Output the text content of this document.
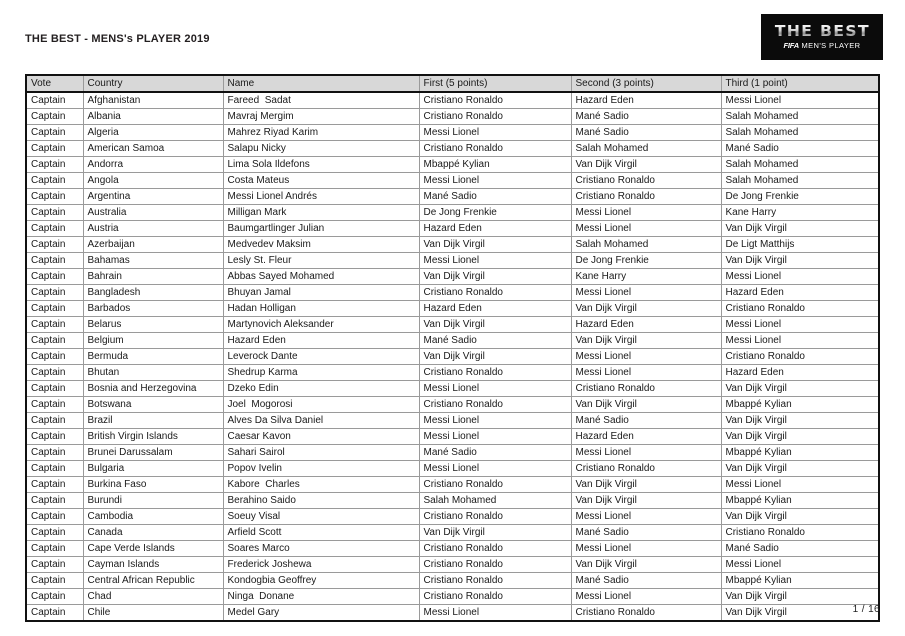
THE BEST - MENS's PLAYER 2019	THE BEST
FIFA MEN'S PLAYER
Vote	Country	Name	First (5 points)	Second (3 points)	Third (1 point)
Captain	Afghanistan	Fareed  Sadat	Cristiano Ronaldo	Hazard Eden	Messi Lionel
Captain	Albania	Mavraj Mergim	Cristiano Ronaldo	Mané Sadio	Salah Mohamed
Captain	Algeria	Mahrez Riyad Karim	Messi Lionel	Mané Sadio	Salah Mohamed
Captain	American Samoa	Salapu Nicky	Cristiano Ronaldo	Salah Mohamed	Mané Sadio
Captain	Andorra	Lima Sola Ildefons	Mbappé Kylian	Van Dijk Virgil	Salah Mohamed
Captain	Angola	Costa Mateus	Messi Lionel	Cristiano Ronaldo	Salah Mohamed
Captain	Argentina	Messi Lionel Andrés	Mané Sadio	Cristiano Ronaldo	De Jong Frenkie
Captain	Australia	Milligan Mark	De Jong Frenkie	Messi Lionel	Kane Harry
Captain	Austria	Baumgartlinger Julian	Hazard Eden	Messi Lionel	Van Dijk Virgil
Captain	Azerbaijan	Medvedev Maksim	Van Dijk Virgil	Salah Mohamed	De Ligt Matthijs
Captain	Bahamas	Lesly St. Fleur	Messi Lionel	De Jong Frenkie	Van Dijk Virgil
Captain	Bahrain	Abbas Sayed Mohamed	Van Dijk Virgil	Kane Harry	Messi Lionel
Captain	Bangladesh	Bhuyan Jamal	Cristiano Ronaldo	Messi Lionel	Hazard Eden
Captain	Barbados	Hadan Holligan	Hazard Eden	Van Dijk Virgil	Cristiano Ronaldo
Captain	Belarus	Martynovich Aleksander	Van Dijk Virgil	Hazard Eden	Messi Lionel
Captain	Belgium	Hazard Eden	Mané Sadio	Van Dijk Virgil	Messi Lionel
Captain	Bermuda	Leverock Dante	Van Dijk Virgil	Messi Lionel	Cristiano Ronaldo
Captain	Bhutan	Shedrup Karma	Cristiano Ronaldo	Messi Lionel	Hazard Eden
Captain	Bosnia and Herzegovina	Dzeko Edin	Messi Lionel	Cristiano Ronaldo	Van Dijk Virgil
Captain	Botswana	Joel  Mogorosi	Cristiano Ronaldo	Van Dijk Virgil	Mbappé Kylian
Captain	Brazil	Alves Da Silva Daniel	Messi Lionel	Mané Sadio	Van Dijk Virgil
Captain	British Virgin Islands	Caesar Kavon	Messi Lionel	Hazard Eden	Van Dijk Virgil
Captain	Brunei Darussalam	Sahari Sairol	Mané Sadio	Messi Lionel	Mbappé Kylian
Captain	Bulgaria	Popov Ivelin	Messi Lionel	Cristiano Ronaldo	Van Dijk Virgil
Captain	Burkina Faso	Kabore  Charles	Cristiano Ronaldo	Van Dijk Virgil	Messi Lionel
Captain	Burundi	Berahino Saido	Salah Mohamed	Van Dijk Virgil	Mbappé Kylian
Captain	Cambodia	Soeuy Visal	Cristiano Ronaldo	Messi Lionel	Van Dijk Virgil
Captain	Canada	Arfield Scott	Van Dijk Virgil	Mané Sadio	Cristiano Ronaldo
Captain	Cape Verde Islands	Soares Marco	Cristiano Ronaldo	Messi Lionel	Mané Sadio
Captain	Cayman Islands	Frederick Joshewa	Cristiano Ronaldo	Van Dijk Virgil	Messi Lionel
Captain	Central African Republic	Kondogbia Geoffrey	Cristiano Ronaldo	Mané Sadio	Mbappé Kylian
Captain	Chad	Ninga  Donane	Cristiano Ronaldo	Messi Lionel	Van Dijk Virgil
Captain	Chile	Medel Gary	Messi Lionel	Cristiano Ronaldo	Van Dijk Virgil	1 / 16
